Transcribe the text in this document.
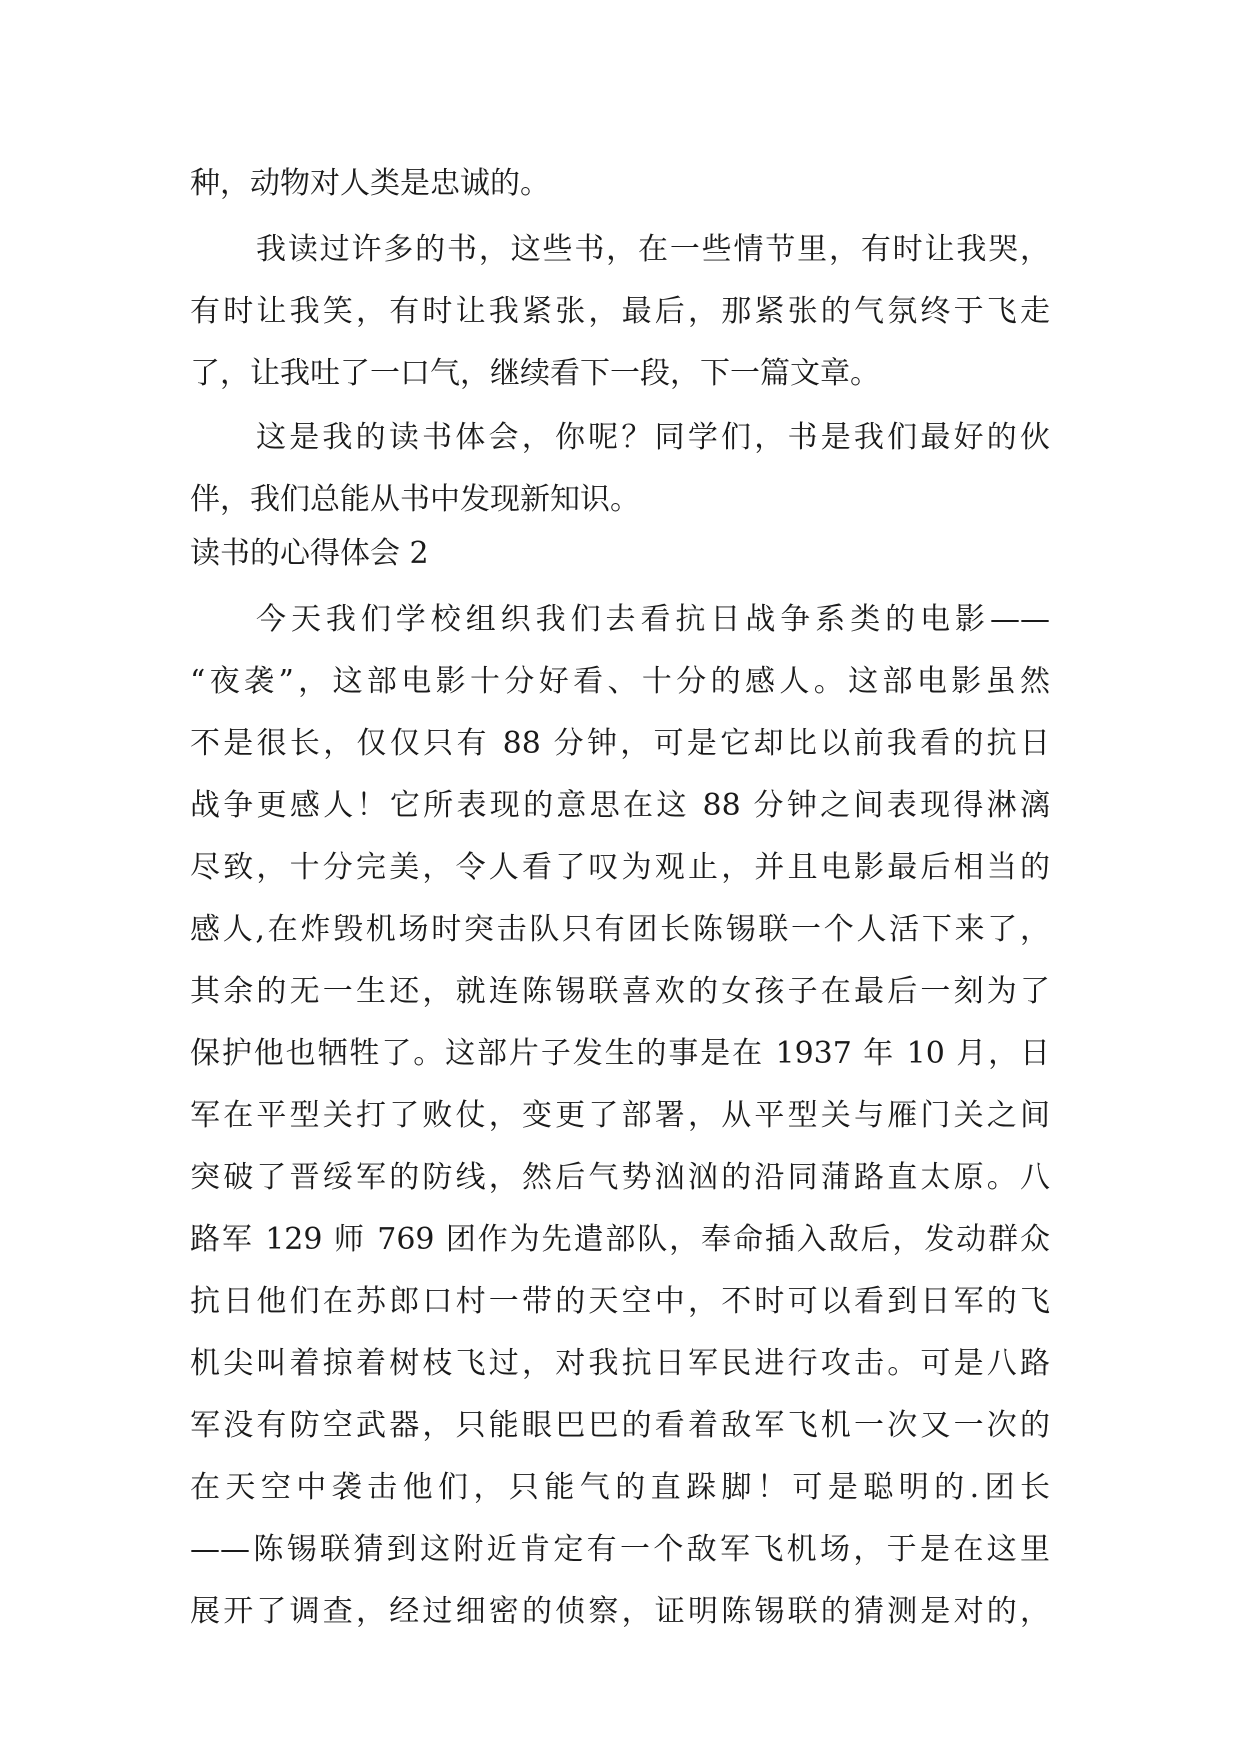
种，动物对人类是忠诚的。
我读过许多的书，这些书，在一些情节里，有时让我哭，
有时让我笑，有时让我紧张，最后，那紧张的气氛终于飞走
了，让我吐了一口气，继续看下一段，下一篇文章。
这是我的读书体会，你呢？同学们，书是我们最好的伙
伴，我们总能从书中发现新知识。
读书的心得体会 2
今天我们学校组织我们去看抗日战争系类的电影——
“夜袭”，这部电影十分好看、十分的感人。这部电影虽然
不是很长，仅仅只有 88 分钟，可是它却比以前我看的抗日
战争更感人！它所表现的意思在这 88 分钟之间表现得淋漓
尽致，十分完美，令人看了叹为观止，并且电影最后相当的
感人,在炸毁机场时突击队只有团长陈锡联一个人活下来了，
其余的无一生还，就连陈锡联喜欢的女孩子在最后一刻为了
保护他也牺牲了。这部片子发生的事是在 1937 年 10 月，日
军在平型关打了败仗，变更了部署，从平型关与雁门关之间
突破了晋绥军的防线，然后气势汹汹的沿同蒲路直太原。八
路军 129 师 769 团作为先遣部队，奉命插入敌后，发动群众
抗日他们在苏郎口村一带的天空中，不时可以看到日军的飞
机尖叫着掠着树枝飞过，对我抗日军民进行攻击。可是八路
军没有防空武器，只能眼巴巴的看着敌军飞机一次又一次的
在天空中袭击他们，只能气的直跺脚！可是聪明的.团长
——陈锡联猜到这附近肯定有一个敌军飞机场，于是在这里
展开了调查，经过细密的侦察，证明陈锡联的猜测是对的，
